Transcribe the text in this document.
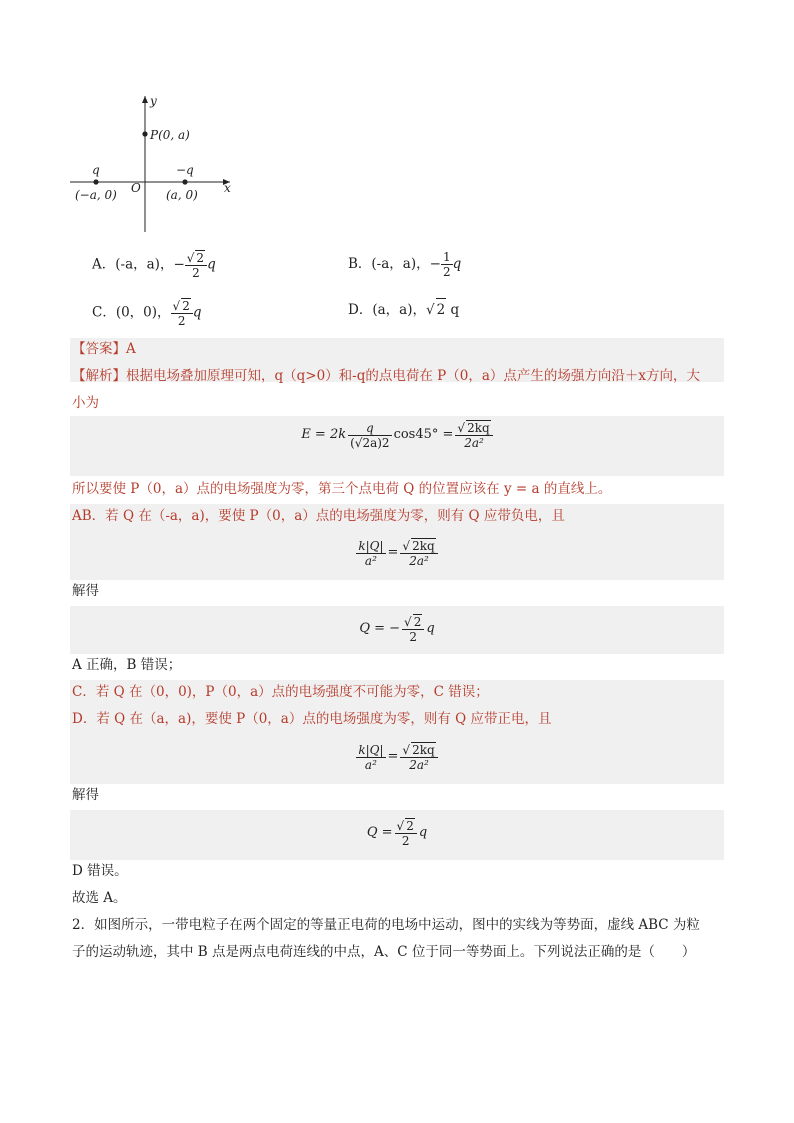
y
x
O
P(0, a)
q
(−a, 0)
−q
(a, 0)
A．(-a，a)，− $\frac{√ 2}{2}$ q	B．(-a，a)，− $\frac{1}{2}$ q
C．(0，0)， $\frac{√ 2}{2}$ q	D．(a，a)，√ 2 q
【答案】A
【解析】根据电场叠加原理可知，q（q>0）和-q的点电荷在 P（0，a）点产生的场强方向沿＋x方向，大
小为
$E = 2k \frac{q}{(√2a)2} \cos 45^\circ = \frac{√ 2kq}{\text{2a²}}$
所以要使 P（0，a）点的电场强度为零，第三个点电荷 Q 的位置应该在 y = a 的直线上。
AB．若 Q 在（-a，a)，要使 P（0，a）点的电场强度为零，则有 Q 应带负电，且
$\frac{k|Q|}{\text{a²}} = \frac{√ 2kq}{\text{2a²}}$
解得
Q = − $\frac{√ 2}{2}$ q
A 正确，B 错误；
C．若 Q 在（0，0)，P（0，a）点的电场强度不可能为零，C 错误；
D．若 Q 在（a，a)，要使 P（0，a）点的电场强度为零，则有 Q 应带正电，且
$\frac{k|Q|}{\text{a²}} = \frac{√ 2kq}{\text{2a²}}$
解得
$Q = \frac{√ 2}{2}$ q
D 错误。
故选 A。
2．如图所示，一带电粒子在两个固定的等量正电荷的电场中运动，图中的实线为等势面，虚线 ABC 为粒
子的运动轨迹，其中 B 点是两点电荷连线的中点，A、C 位于同一等势面上。下列说法正确的是（　　）
